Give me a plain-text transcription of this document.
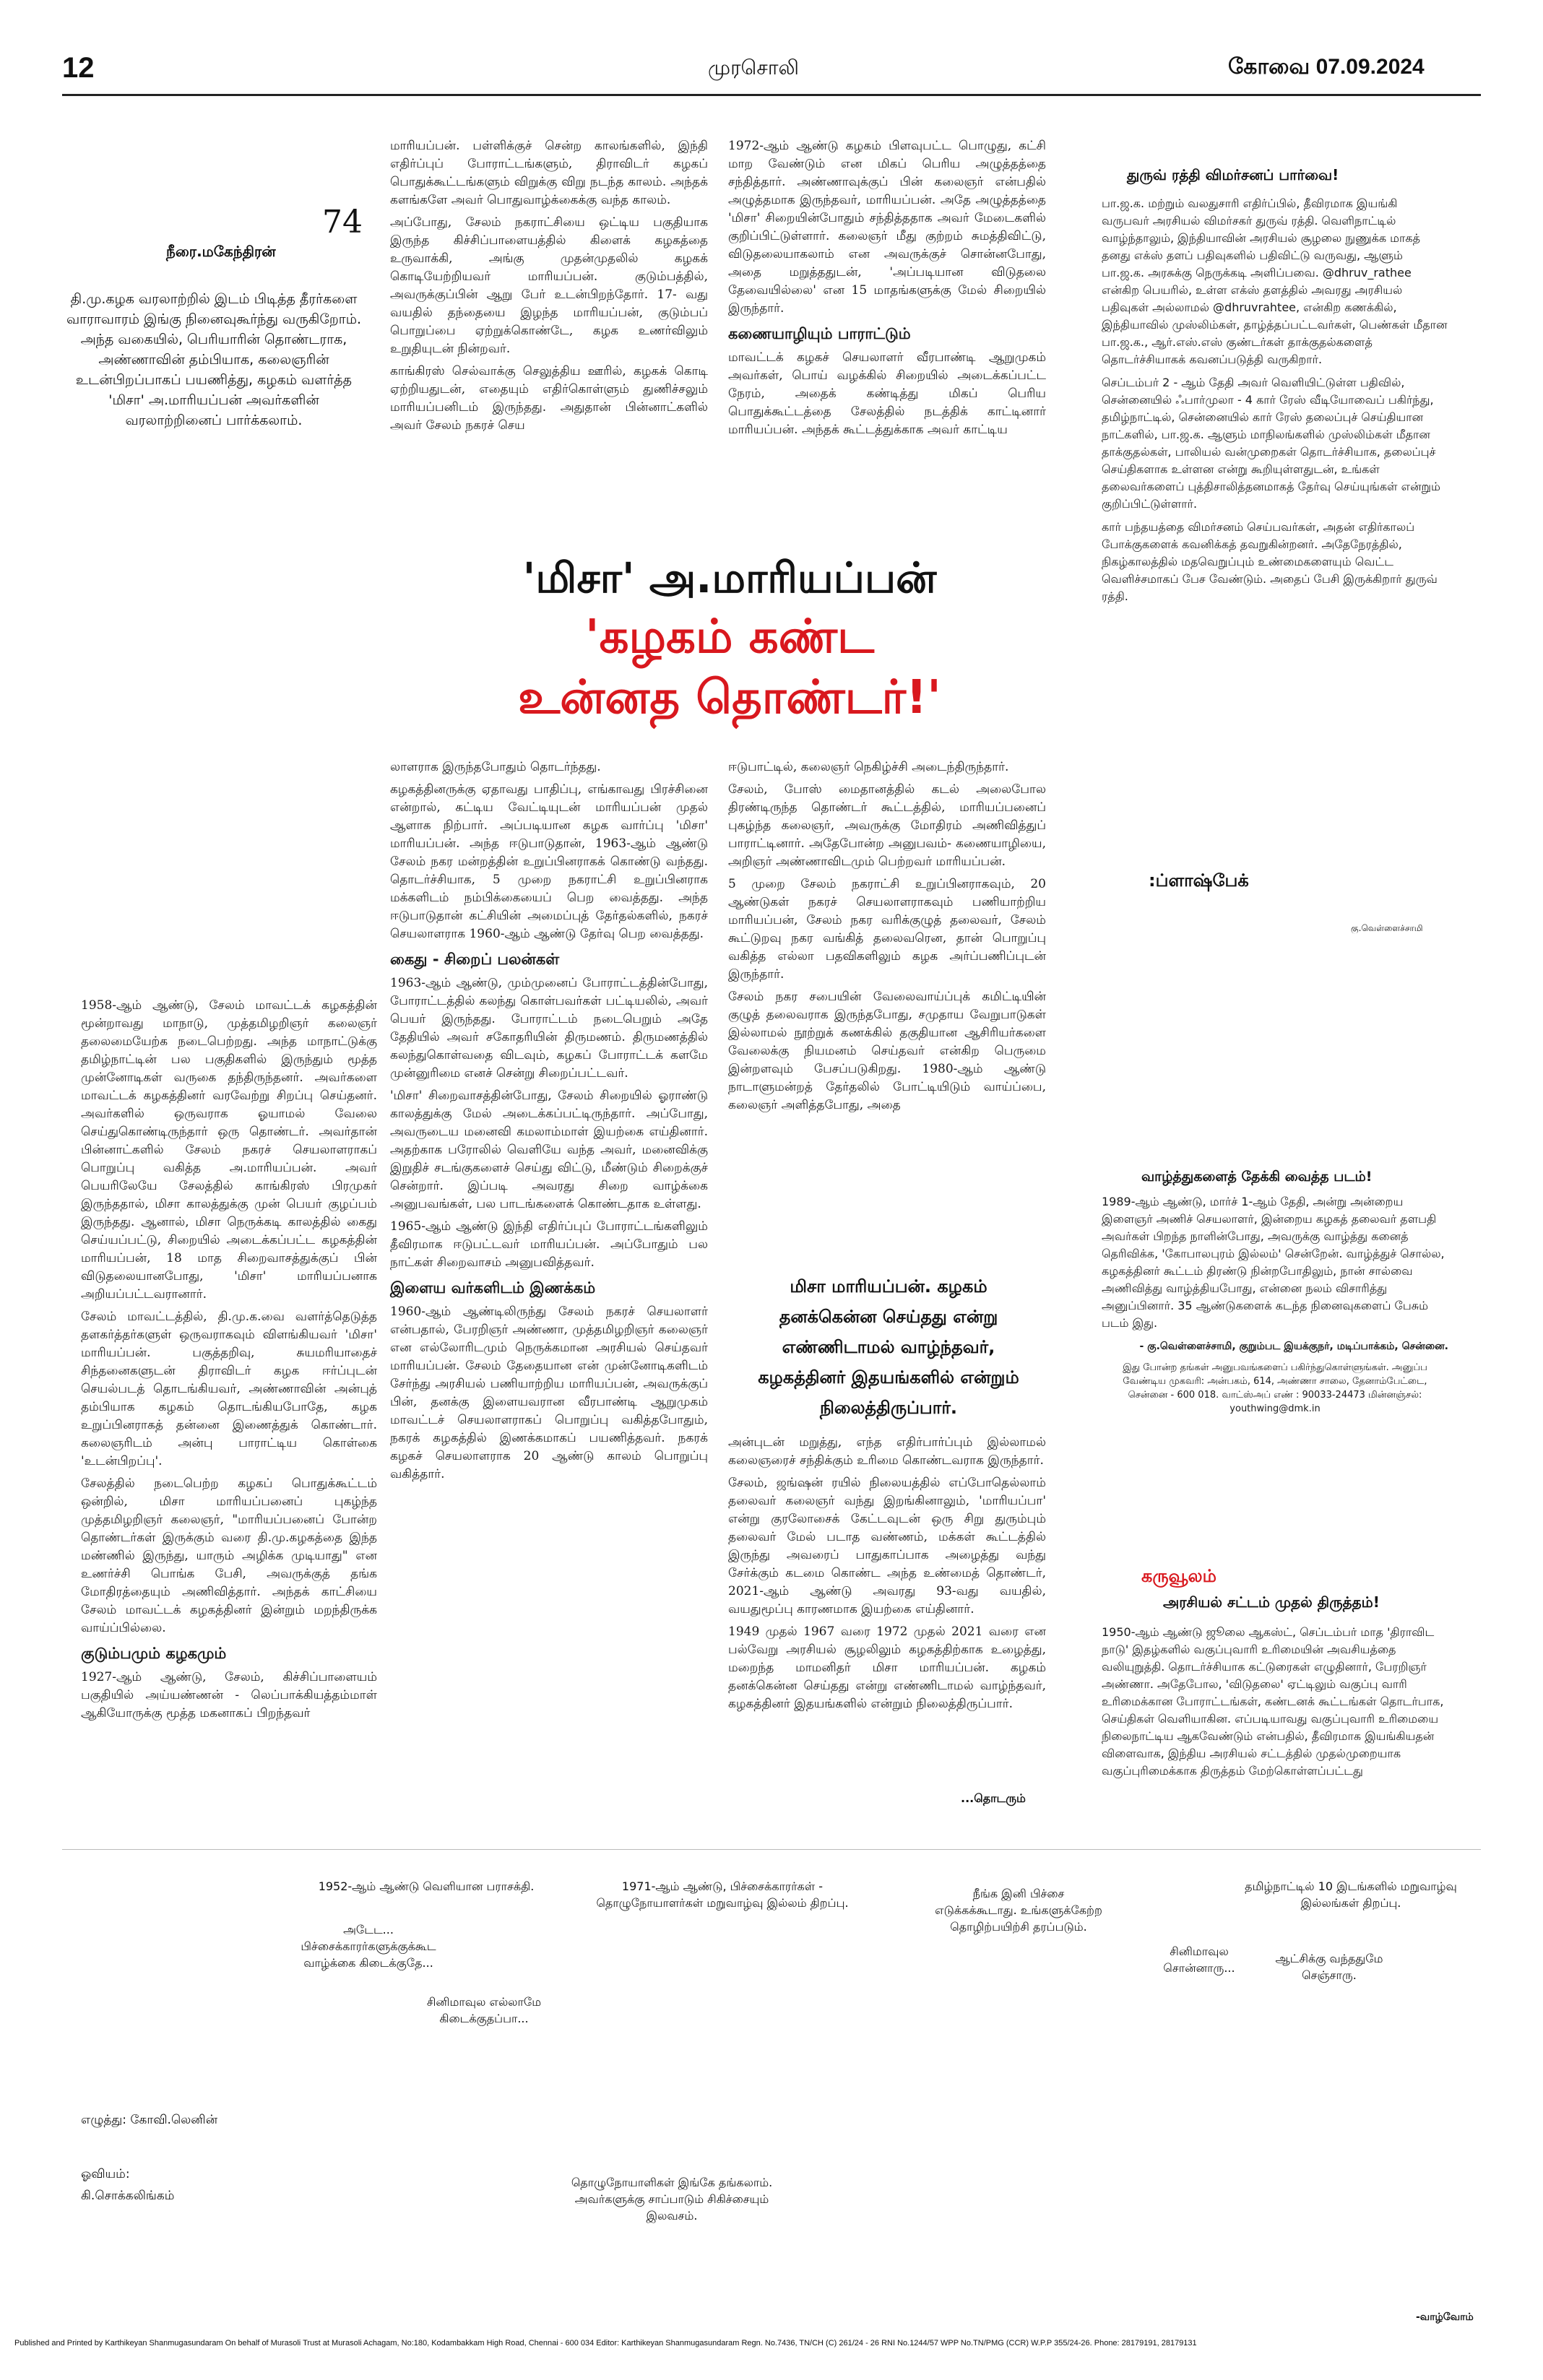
12	முரசொலி	கோவை 07.09.2024
74
நீரை.மகேந்திரன்
தி.மு.கழக வரலாற்றில் இடம் பிடித்த தீரர்களை வாராவாரம் இங்கு நினைவுகூர்ந்து வருகிறோம். அந்த வகையில், பெரியாரின் தொண்டராக, அண்ணாவின் தம்பியாக, கலைஞரின் உடன்பிறப்பாகப் பயணித்து, கழகம் வளர்த்த 'மிசா' அ.மாரியப்பன் அவர்களின் வரலாற்றினைப் பார்க்கலாம்.

1958-ஆம் ஆண்டு, சேலம் மாவட்டக் கழகத்தின் மூன்றாவது மாநாடு, முத்தமிழறிஞர் கலைஞர் தலைமையேற்க நடைபெற்றது. அந்த மாநாட்டுக்கு தமிழ்நாட்டின் பல பகுதிகளில் இருந்தும் மூத்த முன்னோடிகள் வருகை தந்திருந்தனர். அவர்களை மாவட்டக் கழகத்தினர் வரவேற்று சிறப்பு செய்தனர். அவர்களில் ஒருவராக ஓயாமல் வேலை செய்துகொண்டிருந்தார் ஒரு தொண்டர். அவர்தான் பின்னாட்களில் சேலம் நகரச் செயலாளராகப் பொறுப்பு வகித்த அ.மாரியப்பன். அவர் பெயரிலேயே சேலத்தில் காங்கிரஸ் பிரமுகர் இருந்ததால், மிசா காலத்துக்கு முன் பெயர் குழப்பம் இருந்தது. ஆனால், மிசா நெருக்கடி காலத்தில் கைது செய்யப்பட்டு, சிறையில் அடைக்கப்பட்ட கழகத்தின் மாரியப்பன், 18 மாத சிறைவாசத்துக்குப் பின் விடுதலையானபோது, 'மிசா' மாரியப்பனாக அறியப்பட்டவரானார்.

சேலம் மாவட்டத்தில், தி.மு.க.வை வளர்த்தெடுத்த தளகர்த்தர்களுள் ஒருவராகவும் விளங்கியவர் 'மிசா' மாரியப்பன். பகுத்தறிவு, சுயமரியாதைச் சிந்தனைகளுடன் திராவிடர் கழக ஈர்ப்புடன் செயல்படத் தொடங்கியவர், அண்ணாவின் அன்புத் தம்பியாக கழகம் தொடங்கியபோதே, கழக உறுப்பினராகத் தன்னை இணைத்துக் கொண்டார். கலைஞரிடம் அன்பு பாராட்டிய கொள்கை 'உடன்பிறப்பு'.

சேலத்தில் நடைபெற்ற கழகப் பொதுக்கூட்டம் ஒன்றில், மிசா மாரியப்பனைப் புகழ்ந்த முத்தமிழறிஞர் கலைஞர், "மாரியப்பனைப் போன்ற தொண்டர்கள் இருக்கும் வரை தி.மு.கழகத்தை இந்த மண்ணில் இருந்து, யாரும் அழிக்க முடியாது" என உணர்ச்சி பொங்க பேசி, அவருக்குத் தங்க மோதிரத்தையும் அணிவித்தார். அந்தக் காட்சியை சேலம் மாவட்டக் கழகத்தினர் இன்றும் மறந்திருக்க வாய்ப்பில்லை.

குடும்பமும் கழகமும்

1927-ஆம் ஆண்டு, சேலம், கிச்சிப்பாளையம் பகுதியில் அய்யண்ணன் - லெப்பாக்கியத்தம்மாள் ஆகியோருக்கு மூத்த மகனாகப் பிறந்தவர்

மாரியப்பன். பள்ளிக்குச் சென்ற காலங்களில், இந்தி எதிர்ப்புப் போராட்டங்களும், திராவிடர் கழகப் பொதுக்கூட்டங்களும் விறுக்கு விறு நடந்த காலம். அந்தக் களங்களே அவர் பொதுவாழ்க்கைக்கு வந்த காலம்.

அப்போது, சேலம் நகராட்சியை ஒட்டிய பகுதியாக இருந்த கிச்சிப்பாளையத்தில் கிளைக் கழகத்தை உருவாக்கி, அங்கு முதன்முதலில் கழகக் கொடியேற்றியவர் மாரியப்பன். குடும்பத்தில், அவருக்குப்பின் ஆறு பேர் உடன்பிறந்தோர். 17- வது வயதில் தந்தையை இழந்த மாரியப்பன், குடும்பப் பொறுப்பை ஏற்றுக்கொண்டே, கழக உணர்விலும் உறுதியுடன் நின்றவர்.

காங்கிரஸ் செல்வாக்கு செலுத்திய ஊரில், கழகக் கொடி ஏற்றியதுடன், எதையும் எதிர்கொள்ளும் துணிச்சலும் மாரியப்பனிடம் இருந்தது. அதுதான் பின்னாட்களில் அவர் சேலம் நகரச் செய

1972-ஆம் ஆண்டு கழகம் பிளவுபட்ட பொழுது, கட்சி மாற வேண்டும் என மிகப் பெரிய அழுத்தத்தை சந்தித்தார். அண்ணாவுக்குப் பின் கலைஞர் என்பதில் அழுத்தமாக இருந்தவர், மாரியப்பன். அதே அழுத்தத்தை 'மிசா' சிறையின்போதும் சந்தித்ததாக அவர் மேடைகளில் குறிப்பிட்டுள்ளார். கலைஞர் மீது குற்றம் சுமத்திவிட்டு, விடுதலையாகலாம் என அவருக்குச் சொன்னபோது, அதை மறுத்ததுடன், 'அப்படியான விடுதலை தேவையில்லை' என 15 மாதங்களுக்கு மேல் சிறையில் இருந்தார்.

கணையாழியும் பாராட்டும்

மாவட்டக் கழகச் செயலாளர் வீரபாண்டி ஆறுமுகம் அவர்கள், பொய் வழக்கில் சிறையில் அடைக்கப்பட்ட நேரம், அதைக் கண்டித்து மிகப் பெரிய பொதுக்கூட்டத்தை சேலத்தில் நடத்திக் காட்டினார் மாரியப்பன். அந்தக் கூட்டத்துக்காக அவர் காட்டிய

'மிசா' அ.மாரியப்பன்
'கழகம் கண்ட
உன்னத தொண்டர்!'

லாளராக இருந்தபோதும் தொடர்ந்தது.

கழகத்தினருக்கு ஏதாவது பாதிப்பு, எங்காவது பிரச்சினை என்றால், கட்டிய வேட்டியுடன் மாரியப்பன் முதல் ஆளாக நிற்பார். அப்படியான கழக வார்ப்பு 'மிசா' மாரியப்பன். அந்த ஈடுபாடுதான், 1963-ஆம் ஆண்டு சேலம் நகர மன்றத்தின் உறுப்பினராகக் கொண்டு வந்தது. தொடர்ச்சியாக, 5 முறை நகராட்சி உறுப்பினராக மக்களிடம் நம்பிக்கையைப் பெற வைத்தது. அந்த ஈடுபாடுதான் கட்சியின் அமைப்புத் தேர்தல்களில், நகரச் செயலாளராக 1960-ஆம் ஆண்டு தேர்வு பெற வைத்தது.

கைது - சிறைப் பலன்கள்

1963-ஆம் ஆண்டு, மும்முனைப் போராட்டத்தின்போது, போராட்டத்தில் கலந்து கொள்பவர்கள் பட்டியலில், அவர் பெயர் இருந்தது. போராட்டம் நடைபெறும் அதே தேதியில் அவர் சகோதரியின் திருமணம். திருமணத்தில் கலந்துகொள்வதை விடவும், கழகப் போராட்டக் களமே முன்னுரிமை எனச் சென்று சிறைப்பட்டவர்.

'மிசா' சிறைவாசத்தின்போது, சேலம் சிறையில் ஓராண்டு காலத்துக்கு மேல் அடைக்கப்பட்டிருந்தார். அப்போது, அவருடைய மனைவி கமலாம்மாள் இயற்கை எய்தினார். அதற்காக பரோலில் வெளியே வந்த அவர், மனைவிக்கு இறுதிச் சடங்குகளைச் செய்து விட்டு, மீண்டும் சிறைக்குச் சென்றார். இப்படி அவரது சிறை வாழ்க்கை அனுபவங்கள், பல பாடங்களைக் கொண்டதாக உள்ளது.

1965-ஆம் ஆண்டு இந்தி எதிர்ப்புப் போராட்டங்களிலும் தீவிரமாக ஈடுபட்டவர் மாரியப்பன். அப்போதும் பல நாட்கள் சிறைவாசம் அனுபவித்தவர்.

இளைய வர்களிடம் இணக்கம்

1960-ஆம் ஆண்டிலிருந்து சேலம் நகரச் செயலாளர் என்பதால், பேரறிஞர் அண்ணா, முத்தமிழறிஞர் கலைஞர் என எல்லோரிடமும் நெருக்கமான அரசியல் செய்தவர் மாரியப்பன். சேலம் தேதையான என் முன்னோடிகளிடம் சேர்ந்து அரசியல் பணியாற்றிய மாரியப்பன், அவருக்குப் பின், தனக்கு இளையவரான வீரபாண்டி ஆறுமுகம் மாவட்டச் செயலாளராகப் பொறுப்பு வகித்தபோதும், நகரக் கழகத்தில் இணக்கமாகப் பயணித்தவர். நகரக் கழகச் செயலாளராக 20 ஆண்டு காலம் பொறுப்பு வகித்தார்.

ஈடுபாட்டில், கலைஞர் நெகிழ்ச்சி அடைந்திருந்தார்.

சேலம், போஸ் மைதானத்தில் கடல் அலைபோல திரண்டிருந்த தொண்டர் கூட்டத்தில், மாரியப்பனைப் புகழ்ந்த கலைஞர், அவருக்கு மோதிரம் அணிவித்துப் பாராட்டினார். அதேபோன்ற அனுபவம்- கணையாழியை, அறிஞர் அண்ணாவிடமும் பெற்றவர் மாரியப்பன்.

5 முறை சேலம் நகராட்சி உறுப்பினராகவும், 20 ஆண்டுகள் நகரச் செயலாளராகவும் பணியாற்றிய மாரியப்பன், சேலம் நகர வரிக்குழுத் தலைவர், சேலம் கூட்டுறவு நகர வங்கித் தலைவரென, தான் பொறுப்பு வகித்த எல்லா பதவிகளிலும் கழக அர்ப்பணிப்புடன் இருந்தார்.

சேலம் நகர சபையின் வேலைவாய்ப்புக் கமிட்டியின் குழுத் தலைவராக இருந்தபோது, சமுதாய வேறுபாடுகள் இல்லாமல் நூற்றுக் கணக்கில் தகுதியான ஆசிரியர்களை வேலைக்கு நியமனம் செய்தவர் என்கிற பெருமை இன்றளவும் பேசப்படுகிறது. 1980-ஆம் ஆண்டு நாடாளுமன்றத் தேர்தலில் போட்டியிடும் வாய்ப்பை, கலைஞர் அளித்தபோது, அதை

மிசா மாரியப்பன். கழகம் தனக்கென்ன செய்தது என்று எண்ணிடாமல் வாழ்ந்தவர், கழகத்தினர் இதயங்களில் என்றும் நிலைத்திருப்பார்.

அன்புடன் மறுத்து, எந்த எதிர்பார்ப்பும் இல்லாமல் கலைஞரைச் சந்திக்கும் உரிமை கொண்டவராக இருந்தார்.

சேலம், ஜங்ஷன் ரயில் நிலையத்தில் எப்போதெல்லாம் தலைவர் கலைஞர் வந்து இறங்கினாலும், 'மாரியப்பா' என்று குரலோசைக் கேட்டவுடன் ஒரு சிறு துரும்பும் தலைவர் மேல் படாத வண்ணம், மக்கள் கூட்டத்தில் இருந்து அவரைப் பாதுகாப்பாக அழைத்து வந்து சேர்க்கும் கடமை கொண்ட அந்த உண்மைத் தொண்டர், 2021-ஆம் ஆண்டு அவரது 93-வது வயதில், வயதுமூப்பு காரணமாக இயற்கை எய்தினார்.

1949 முதல் 1967 வரை 1972 முதல் 2021 வரை என பல்வேறு அரசியல் சூழலிலும் கழகத்திற்காக உழைத்து, மறைந்த மாமனிதர் மிசா மாரியப்பன். கழகம் தனக்கென்ன செய்தது என்று எண்ணிடாமல் வாழ்ந்தவர், கழகத்தினர் இதயங்களில் என்றும் நிலைத்திருப்பார்.

...தொடரும்
துருவ் ரத்தி விமர்சனப் பார்வை!

பா.ஜ.க. மற்றும் வலதுசாரி எதிர்ப்பில், தீவிரமாக இயங்கி வருபவர் அரசியல் விமர்சகர் துருவ் ரத்தி. வெளிநாட்டில் வாழ்ந்தாலும், இந்தியாவின் அரசியல் சூழலை நுணுக்க மாகத் தனது எக்ஸ் தளப் பதிவுகளில் பதிவிட்டு வருவது, ஆளும் பா.ஜ.க. அரசுக்கு நெருக்கடி அளிப்பவை. @dhruv_rathee என்கிற பெயரில், உள்ள எக்ஸ் தளத்தில் அவரது அரசியல் பதிவுகள் அல்லாமல் @dhruvrahtee, என்கிற கணக்கில், இந்தியாவில் முஸ்லிம்கள், தாழ்த்தப்பட்டவர்கள், பெண்கள் மீதான பா.ஜ.க., ஆர்.எஸ்.எஸ் குண்டர்கள் தாக்குதல்களைத் தொடர்ச்சியாகக் கவனப்படுத்தி வருகிறார்.

செப்டம்பர் 2 - ஆம் தேதி அவர் வெளியிட்டுள்ள பதிவில், சென்னையில் ஃபார்முலா - 4 கார் ரேஸ் வீடியோவைப் பகிர்ந்து, தமிழ்நாட்டில், சென்னையில் கார் ரேஸ் தலைப்புச் செய்தியான நாட்களில், பா.ஜ.க. ஆளும் மாநிலங்களில் முஸ்லிம்கள் மீதான தாக்குதல்கள், பாலியல் வன்முறைகள் தொடர்ச்சியாக, தலைப்புச் செய்திகளாக உள்ளன என்று கூறியுள்ளதுடன், உங்கள் தலைவர்களைப் புத்திசாலித்தனமாகத் தேர்வு செய்யுங்கள் என்றும் குறிப்பிட்டுள்ளார்.

கார் பந்தயத்தை விமர்சனம் செய்பவர்கள், அதன் எதிர்காலப் போக்குகளைக் கவனிக்கத் தவறுகின்றனர். அதேநேரத்தில், நிகழ்காலத்தில் மதவெறுப்பும் உண்மைகளையும் வெட்ட வெளிச்சமாகப் பேச வேண்டும். அதைப் பேசி இருக்கிறார் துருவ் ரத்தி.

:ப்ளாஷ்பேக்
கு.வெள்ளைச்சாமி
வாழ்த்துகளைத் தேக்கி வைத்த படம்!

1989-ஆம் ஆண்டு, மார்ச் 1-ஆம் தேதி, அன்று அன்றைய இளைஞர் அணிச் செயலாளர், இன்றைய கழகத் தலைவர் தளபதி அவர்கள் பிறந்த நாளின்போது, அவருக்கு வாழ்த்து கனைத் தெரிவிக்க, 'கோபாலபுரம் இல்லம்' சென்றேன். வாழ்த்துச் சொல்ல, கழகத்தினர் கூட்டம் திரண்டு நின்றபோதிலும், நான் சால்வை அணிவித்து வாழ்த்தியபோது, என்னை நலம் விசாரித்து அனுப்பினார். 35 ஆண்டுகளைக் கடந்த நினைவுகளைப் பேசும் படம் இது.

- கு.வெள்ளைச்சாமி, குறும்பட இயக்குநர், மடிப்பாக்கம், சென்னை.

இது போன்ற தங்கள் அனுபவங்களைப் பகிர்ந்துகொள்ளுங்கள். அனுப்ப வேண்டிய முகவரி: அன்பகம், 614, அண்ணா சாலை, தேனாம்பேட்டை, சென்னை - 600 018. வாட்ஸ்அப் எண் : 90033-24473 மின்னஞ்சல்: youthwing@dmk.in

கருவூலம்
அரசியல் சட்டம் முதல் திருத்தம்!

1950-ஆம் ஆண்டு ஜூலை ஆகஸ்ட், செப்டம்பர் மாத 'திராவிட நாடு' இதழ்களில் வகுப்புவாரி உரிமையின் அவசியத்தை வலியுறுத்தி. தொடர்ச்சியாக கட்டுரைகள் எழுதினார், பேரறிஞர் அண்ணா. அதேபோல, 'விடுதலை' ஏட்டிலும் வகுப்பு வாரி உரிமைக்கான போராட்டங்கள், கண்டனக் கூட்டங்கள் தொடர்பாக, செய்திகள் வெளியாகின. எப்படியாவது வகுப்புவாரி உரிமையை நிலைநாட்டிய ஆகவேண்டும் என்பதில், தீவிரமாக இயங்கியதன் விளைவாக, இந்திய அரசியல் சட்டத்தில் முதல்முறையாக வகுப்புரிமைக்காக திருத்தம் மேற்கொள்ளப்பட்டது

1952-ஆம் ஆண்டு வெளியான பராசக்தி.
அடேட... பிச்சைக்காரர்களுக்குக்கூட வாழ்க்கை கிடைக்குதே...
சினிமாவுல எல்லாமே கிடைக்குதப்பா...
1971-ஆம் ஆண்டு, பிச்சைக்காரர்கள் - தொழுநோயாளர்கள் மறுவாழ்வு இல்லம் திறப்பு.
நீங்க இனி பிச்சை எடுக்கக்கூடாது. உங்களுக்கேற்ற தொழிற்பயிற்சி தரப்படும்.
சினிமாவுல சொன்னாரு...
ஆட்சிக்கு வந்ததுமே செஞ்சாரு.
தமிழ்நாட்டில் 10 இடங்களில் மறுவாழ்வு இல்லங்கள் திறப்பு.
தொழுநோயாளிகள் இங்கே தங்கலாம். அவர்களுக்கு சாப்பாடும் சிகிச்சையும் இலவசம்.
எழுத்து: கோவி.லெனின்
ஓவியம்: கி.சொக்கலிங்கம்
-வாழ்வோம்
Published and Printed by Karthikeyan Shanmugasundaram On behalf of Murasoli Trust at Murasoli Achagam, No:180, Kodambakkam High Road, Chennai - 600 034 Editor: Karthikeyan Shanmugasundaram Regn. No.7436, TN/CH (C) 261/24 - 26 RNI No.1244/57 WPP No.TN/PMG (CCR) W.P.P 355/24-26. Phone: 28179191, 28179131
